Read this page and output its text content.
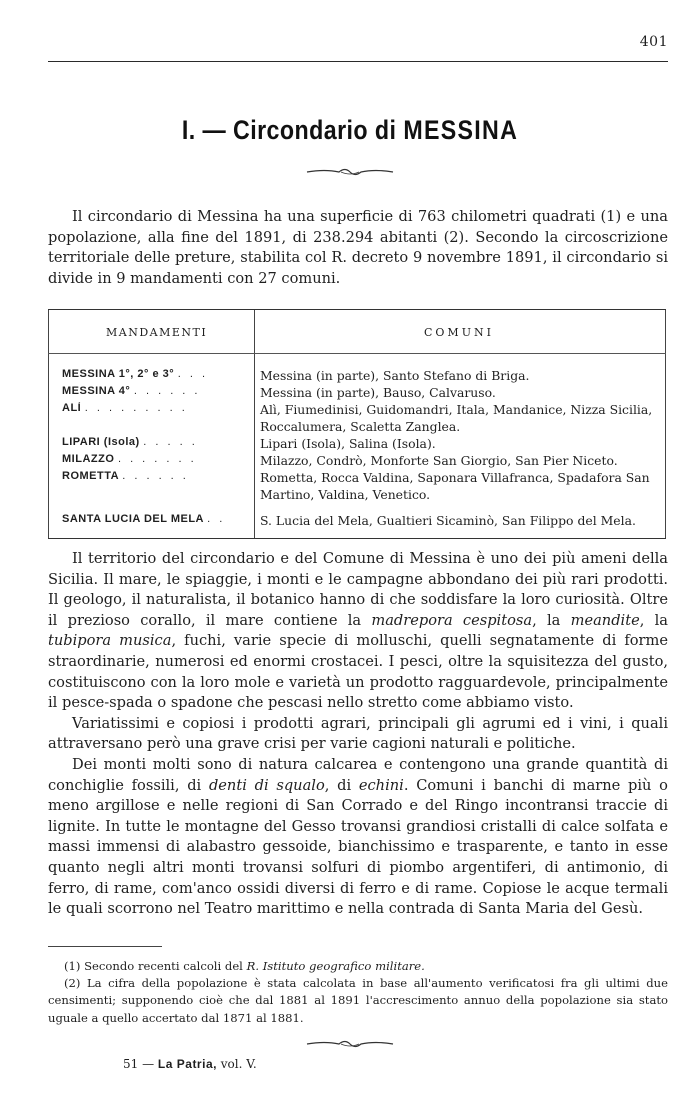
401
I. — Circondario di MESSINA

Il circondario di Messina ha una superficie di 763 chilometri quadrati (1) e una popolazione, alla fine del 1891, di 238.294 abitanti (2). Secondo la circoscrizione territoriale delle preture, stabilita col R. decreto 9 novembre 1891, il circondario si divide in 9 mandamenti con 27 comuni.

MANDAMENTI	COMUNI
MESSINA 1°, 2° e 3° . . .	Messina (in parte), Santo Stefano di Briga.
MESSINA 4° . . . . . .	Messina (in parte), Bauso, Calvaruso.
ALÌ . . . . . . . . .	Alì, Fiumedinisi, Guidomandri, Itala, Mandanice, Nizza Sicilia, Roccalumera, Scaletta Zanglea.
LIPARI (Isola) . . . . .	Lipari (Isola), Salina (Isola).
MILAZZO . . . . . . .	Milazzo, Condrò, Monforte San Giorgio, San Pier Niceto.
ROMETTA . . . . . .	Rometta, Rocca Valdina, Saponara Villafranca, Spadafora San Martino, Valdina, Venetico.
SANTA LUCIA DEL MELA . .	S. Lucia del Mela, Gualtieri Sicaminò, San Filippo del Mela.

Il territorio del circondario e del Comune di Messina è uno dei più ameni della Sicilia. Il mare, le spiaggie, i monti e le campagne abbondano dei più rari prodotti. Il geologo, il naturalista, il botanico hanno di che soddisfare la loro curiosità. Oltre il prezioso corallo, il mare contiene la madrepora cespitosa, la meandite, la tubipora musica, fuchi, varie specie di molluschi, quelli segnatamente di forme straordinarie, numerosi ed enormi crostacei. I pesci, oltre la squisitezza del gusto, costituiscono con la loro mole e varietà un prodotto ragguardevole, principalmente il pesce-spada o spadone che pescasi nello stretto come abbiamo visto.

Variatissimi e copiosi i prodotti agrari, principali gli agrumi ed i vini, i quali attraversano però una grave crisi per varie cagioni naturali e politiche.

Dei monti molti sono di natura calcarea e contengono una grande quantità di conchiglie fossili, di denti di squalo, di echini. Comuni i banchi di marne più o meno argillose e nelle regioni di San Corrado e del Ringo incontransi traccie di lignite. In tutte le montagne del Gesso trovansi grandiosi cristalli di calce solfata e massi immensi di alabastro gessoide, bianchissimo e trasparente, e tanto in esse quanto negli altri monti trovansi solfuri di piombo argentiferi, di antimonio, di ferro, di rame, com'anco ossidi diversi di ferro e di rame. Copiose le acque termali le quali scorrono nel Teatro marittimo e nella contrada di Santa Maria del Gesù.

(1) Secondo recenti calcoli del R. Istituto geografico militare.

(2) La cifra della popolazione è stata calcolata in base all'aumento verificatosi fra gli ultimi due censimenti; supponendo cioè che dal 1881 al 1891 l'accrescimento annuo della popolazione sia stato uguale a quello accertato dal 1871 al 1881.

51 — La Patria, vol. V.
